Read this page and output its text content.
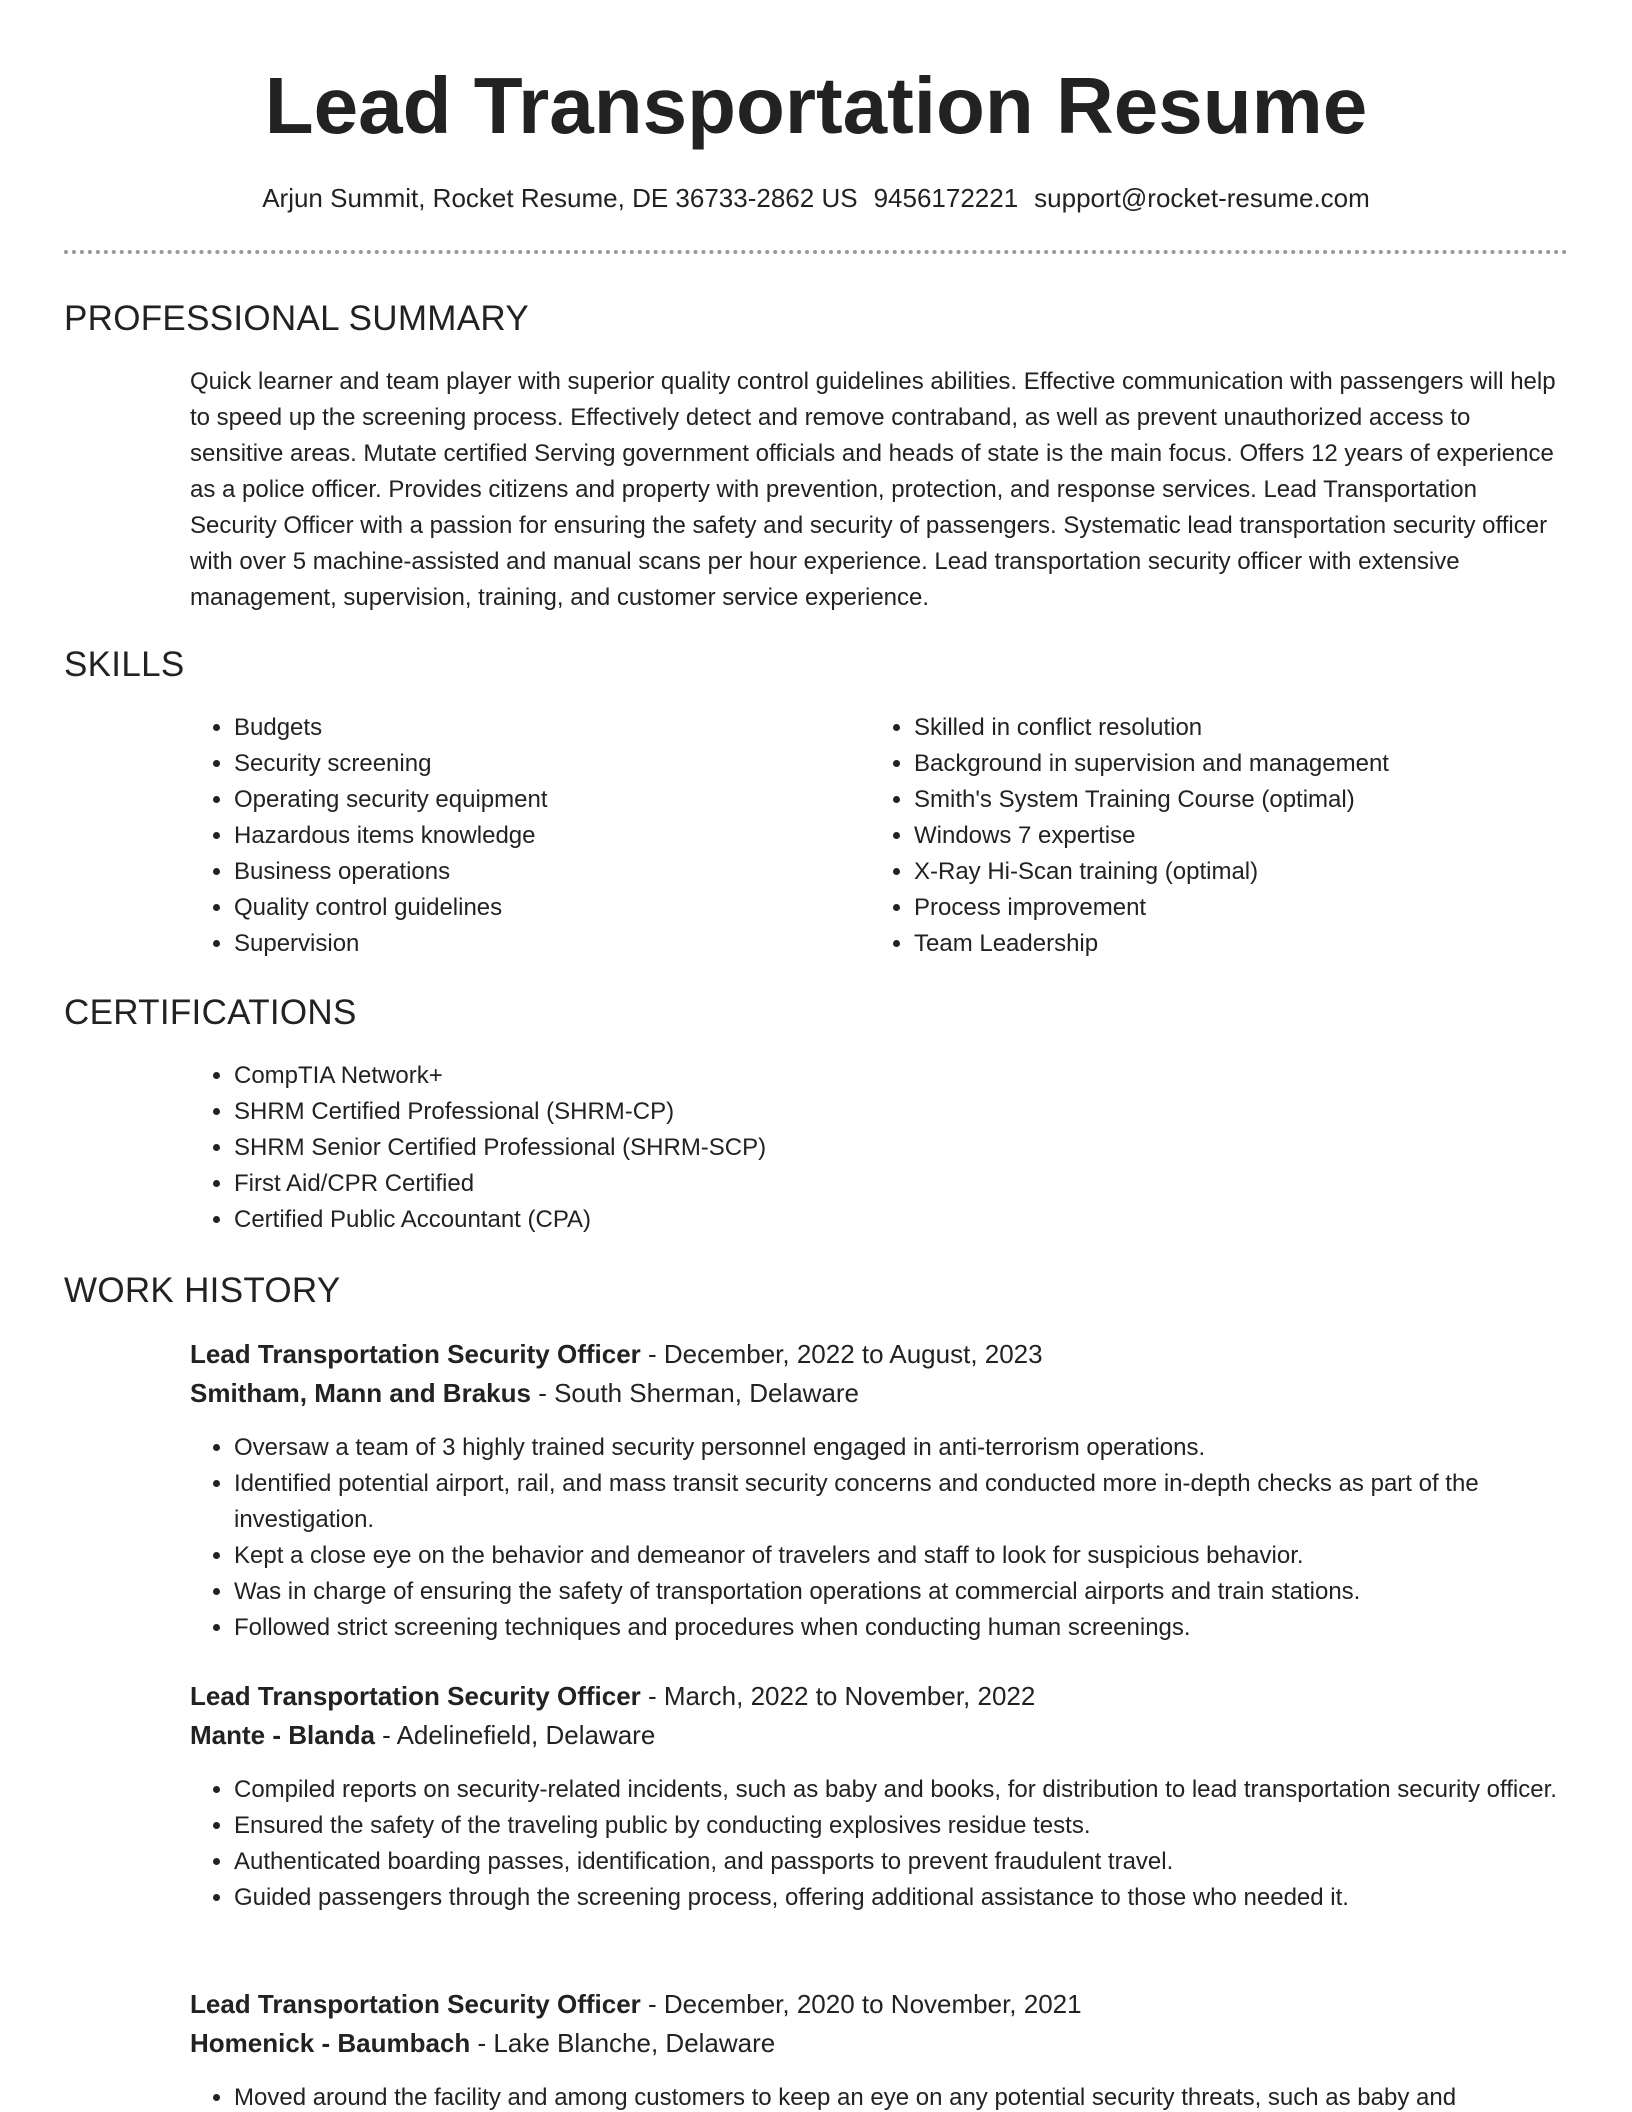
Lead Transportation Resume
Arjun Summit, Rocket Resume, DE 36733-2862 US 9456172221 support@rocket-resume.com
PROFESSIONAL SUMMARY

Quick learner and team player with superior quality control guidelines abilities. Effective communication with passengers will help to speed up the screening process. Effectively detect and remove contraband, as well as prevent unauthorized access to sensitive areas. Mutate certified Serving government officials and heads of state is the main focus. Offers 12 years of experience as a police officer. Provides citizens and property with prevention, protection, and response services. Lead Transportation Security Officer with a passion for ensuring the safety and security of passengers. Systematic lead transportation security officer with over 5 machine-assisted and manual scans per hour experience. Lead transportation security officer with extensive management, supervision, training, and customer service experience.

SKILLS
• Budgets
• Security screening
• Operating security equipment
• Hazardous items knowledge
• Business operations
• Quality control guidelines
• Supervision
• Skilled in conflict resolution
• Background in supervision and management
• Smith's System Training Course (optimal)
• Windows 7 expertise
• X-Ray Hi-Scan training (optimal)
• Process improvement
• Team Leadership
CERTIFICATIONS
• CompTIA Network+
• SHRM Certified Professional (SHRM-CP)
• SHRM Senior Certified Professional (SHRM-SCP)
• First Aid/CPR Certified
• Certified Public Accountant (CPA)
WORK HISTORY
Lead Transportation Security Officer - December, 2022 to August, 2023
Smitham, Mann and Brakus - South Sherman, Delaware
• Oversaw a team of 3 highly trained security personnel engaged in anti-terrorism operations.
• Identified potential airport, rail, and mass transit security concerns and conducted more in-depth checks as part of the investigation.
• Kept a close eye on the behavior and demeanor of travelers and staff to look for suspicious behavior.
• Was in charge of ensuring the safety of transportation operations at commercial airports and train stations.
• Followed strict screening techniques and procedures when conducting human screenings.
Lead Transportation Security Officer - March, 2022 to November, 2022
Mante - Blanda - Adelinefield, Delaware
• Compiled reports on security-related incidents, such as baby and books, for distribution to lead transportation security officer.
• Ensured the safety of the traveling public by conducting explosives residue tests.
• Authenticated boarding passes, identification, and passports to prevent fraudulent travel.
• Guided passengers through the screening process, offering additional assistance to those who needed it.
Lead Transportation Security Officer - December, 2020 to November, 2021
Homenick - Baumbach - Lake Blanche, Delaware
• Moved around the facility and among customers to keep an eye on any potential security threats, such as baby and
